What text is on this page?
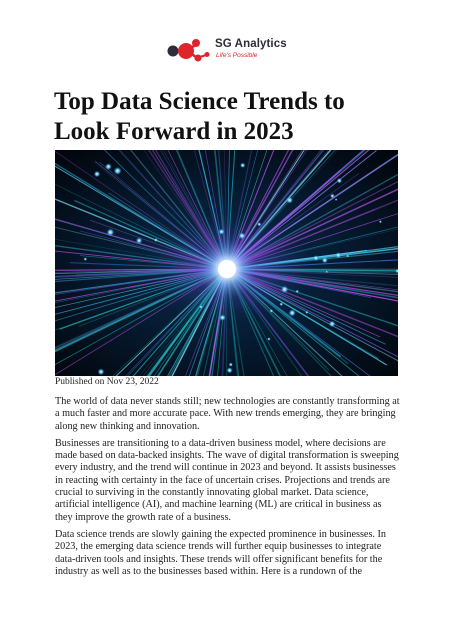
SG Analytics
Life's Possible
Top Data Science Trends to
Look Forward in 2023
Published on Nov 23, 2022

The world of data never stands still; new technologies are constantly transforming at a much faster and more accurate pace. With new trends emerging, they are bringing along new thinking and innovation.

Businesses are transitioning to a data-driven business model, where decisions are made based on data-backed insights. The wave of digital transformation is sweeping every industry, and the trend will continue in 2023 and beyond. It assists businesses in reacting with certainty in the face of uncertain crises. Projections and trends are crucial to surviving in the constantly innovating global market. Data science, artificial intelligence (AI), and machine learning (ML) are critical in business as they improve the growth rate of a business.

Data science trends are slowly gaining the expected prominence in businesses. In 2023, the emerging data science trends will further equip businesses to integrate data-driven tools and insights. These trends will offer significant benefits for the industry as well as to the businesses based within. Here is a rundown of the
